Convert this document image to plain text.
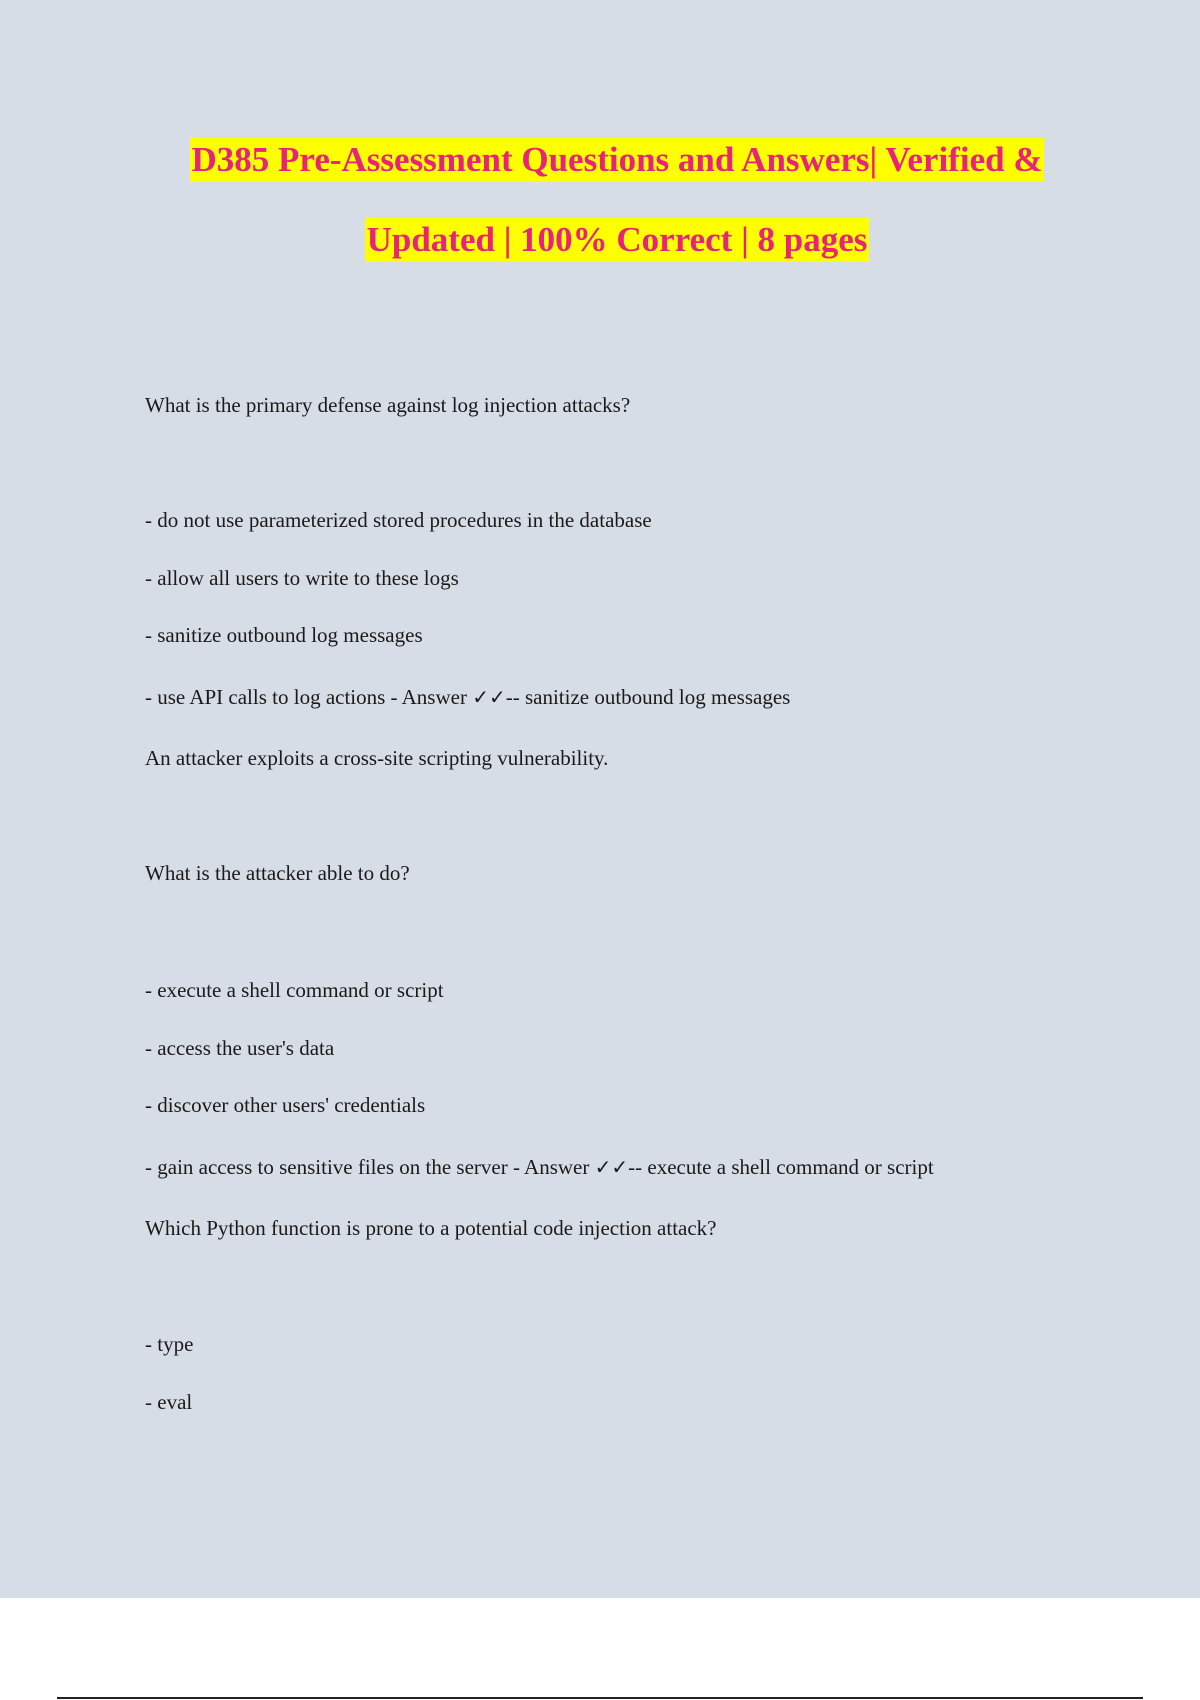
D385 Pre-Assessment Questions and Answers| Verified &
Updated | 100% Correct | 8 pages
What is the primary defense against log injection attacks?
- do not use parameterized stored procedures in the database
- allow all users to write to these logs
- sanitize outbound log messages
- use API calls to log actions - Answer ✓✓-- sanitize outbound log messages
An attacker exploits a cross-site scripting vulnerability.
What is the attacker able to do?
- execute a shell command or script
- access the user's data
- discover other users' credentials
- gain access to sensitive files on the server - Answer ✓✓-- execute a shell command or script
Which Python function is prone to a potential code injection attack?
- type
- eval
